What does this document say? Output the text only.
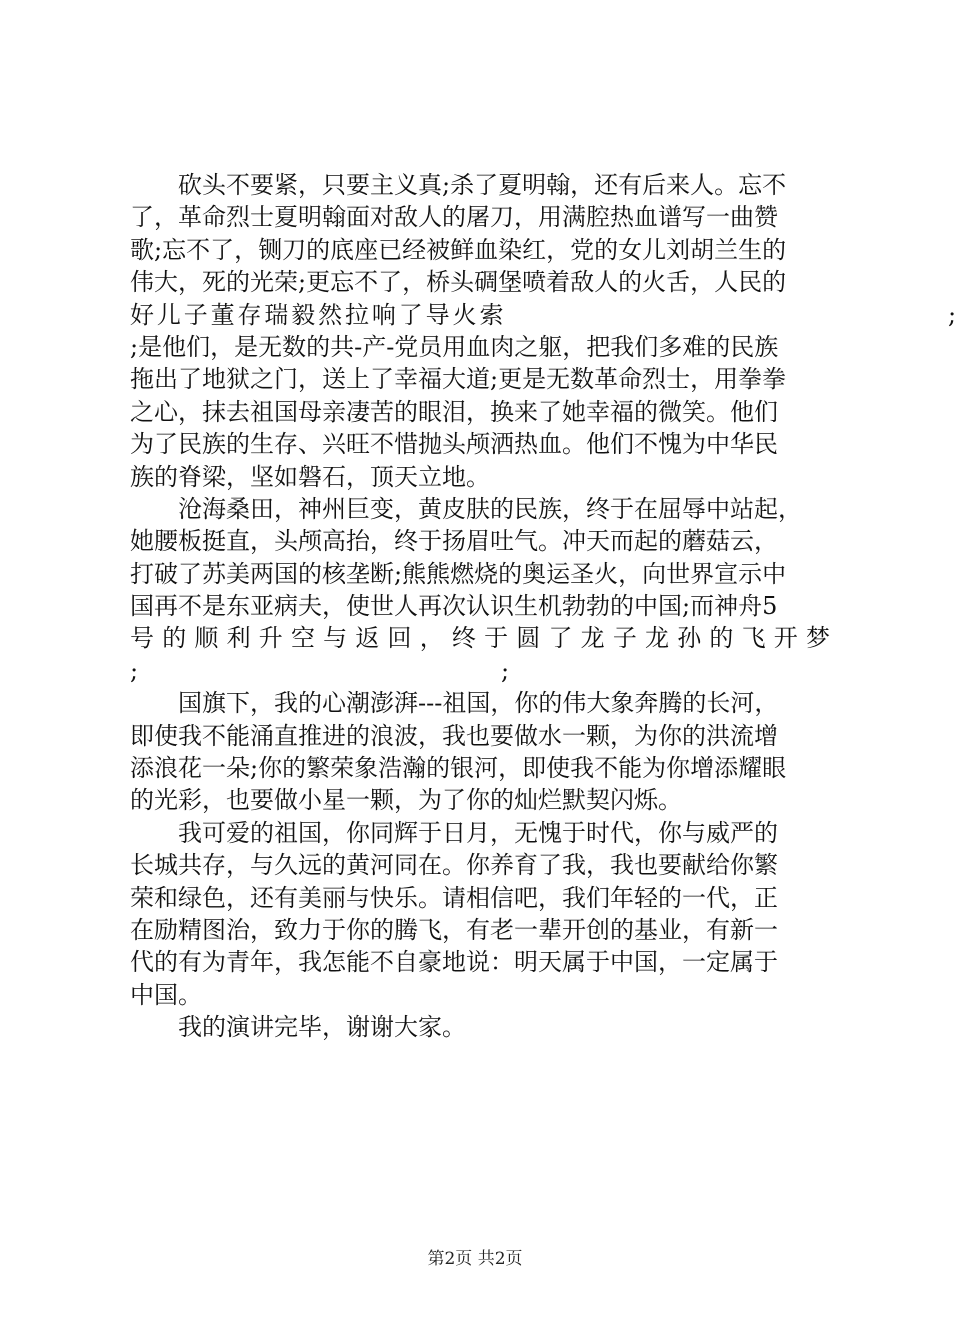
砍头不要紧，只要主义真;杀了夏明翰，还有后来人。忘不
了，革命烈士夏明翰面对敌人的屠刀，用满腔热血谱写一曲赞
歌;忘不了，铡刀的底座已经被鲜血染红，党的女儿刘胡兰生的
伟大，死的光荣;更忘不了，桥头碉堡喷着敌人的火舌，人民的
好儿子董存瑞毅然拉响了导火索	;
;是他们，是无数的共-产-党员用血肉之躯，把我们多难的民族
拖出了地狱之门，送上了幸福大道;更是无数革命烈士，用拳拳
之心，抹去祖国母亲凄苦的眼泪，换来了她幸福的微笑。他们
为了民族的生存、兴旺不惜抛头颅洒热血。他们不愧为中华民
族的脊梁，坚如磐石，顶天立地。
沧海桑田，神州巨变，黄皮肤的民族，终于在屈辱中站起，
她腰板挺直，头颅高抬，终于扬眉吐气。冲天而起的蘑菇云，
打破了苏美两国的核垄断;熊熊燃烧的奥运圣火，向世界宣示中
国再不是东亚病夫，使世人再次认识生机勃勃的中国;而神舟5
号的顺利升空与返回，终于圆了龙子龙孙的飞开梦
;	;
国旗下，我的心潮澎湃---祖国，你的伟大象奔腾的长河，
即使我不能涌直推进的浪波，我也要做水一颗，为你的洪流增
添浪花一朵;你的繁荣象浩瀚的银河，即使我不能为你增添耀眼
的光彩，也要做小星一颗，为了你的灿烂默契闪烁。
我可爱的祖国，你同辉于日月，无愧于时代，你与威严的
长城共存，与久远的黄河同在。你养育了我，我也要献给你繁
荣和绿色，还有美丽与快乐。请相信吧，我们年轻的一代，正
在励精图治，致力于你的腾飞，有老一辈开创的基业，有新一
代的有为青年，我怎能不自豪地说：明天属于中国，一定属于
中国。
我的演讲完毕，谢谢大家。
第2页 共2页
